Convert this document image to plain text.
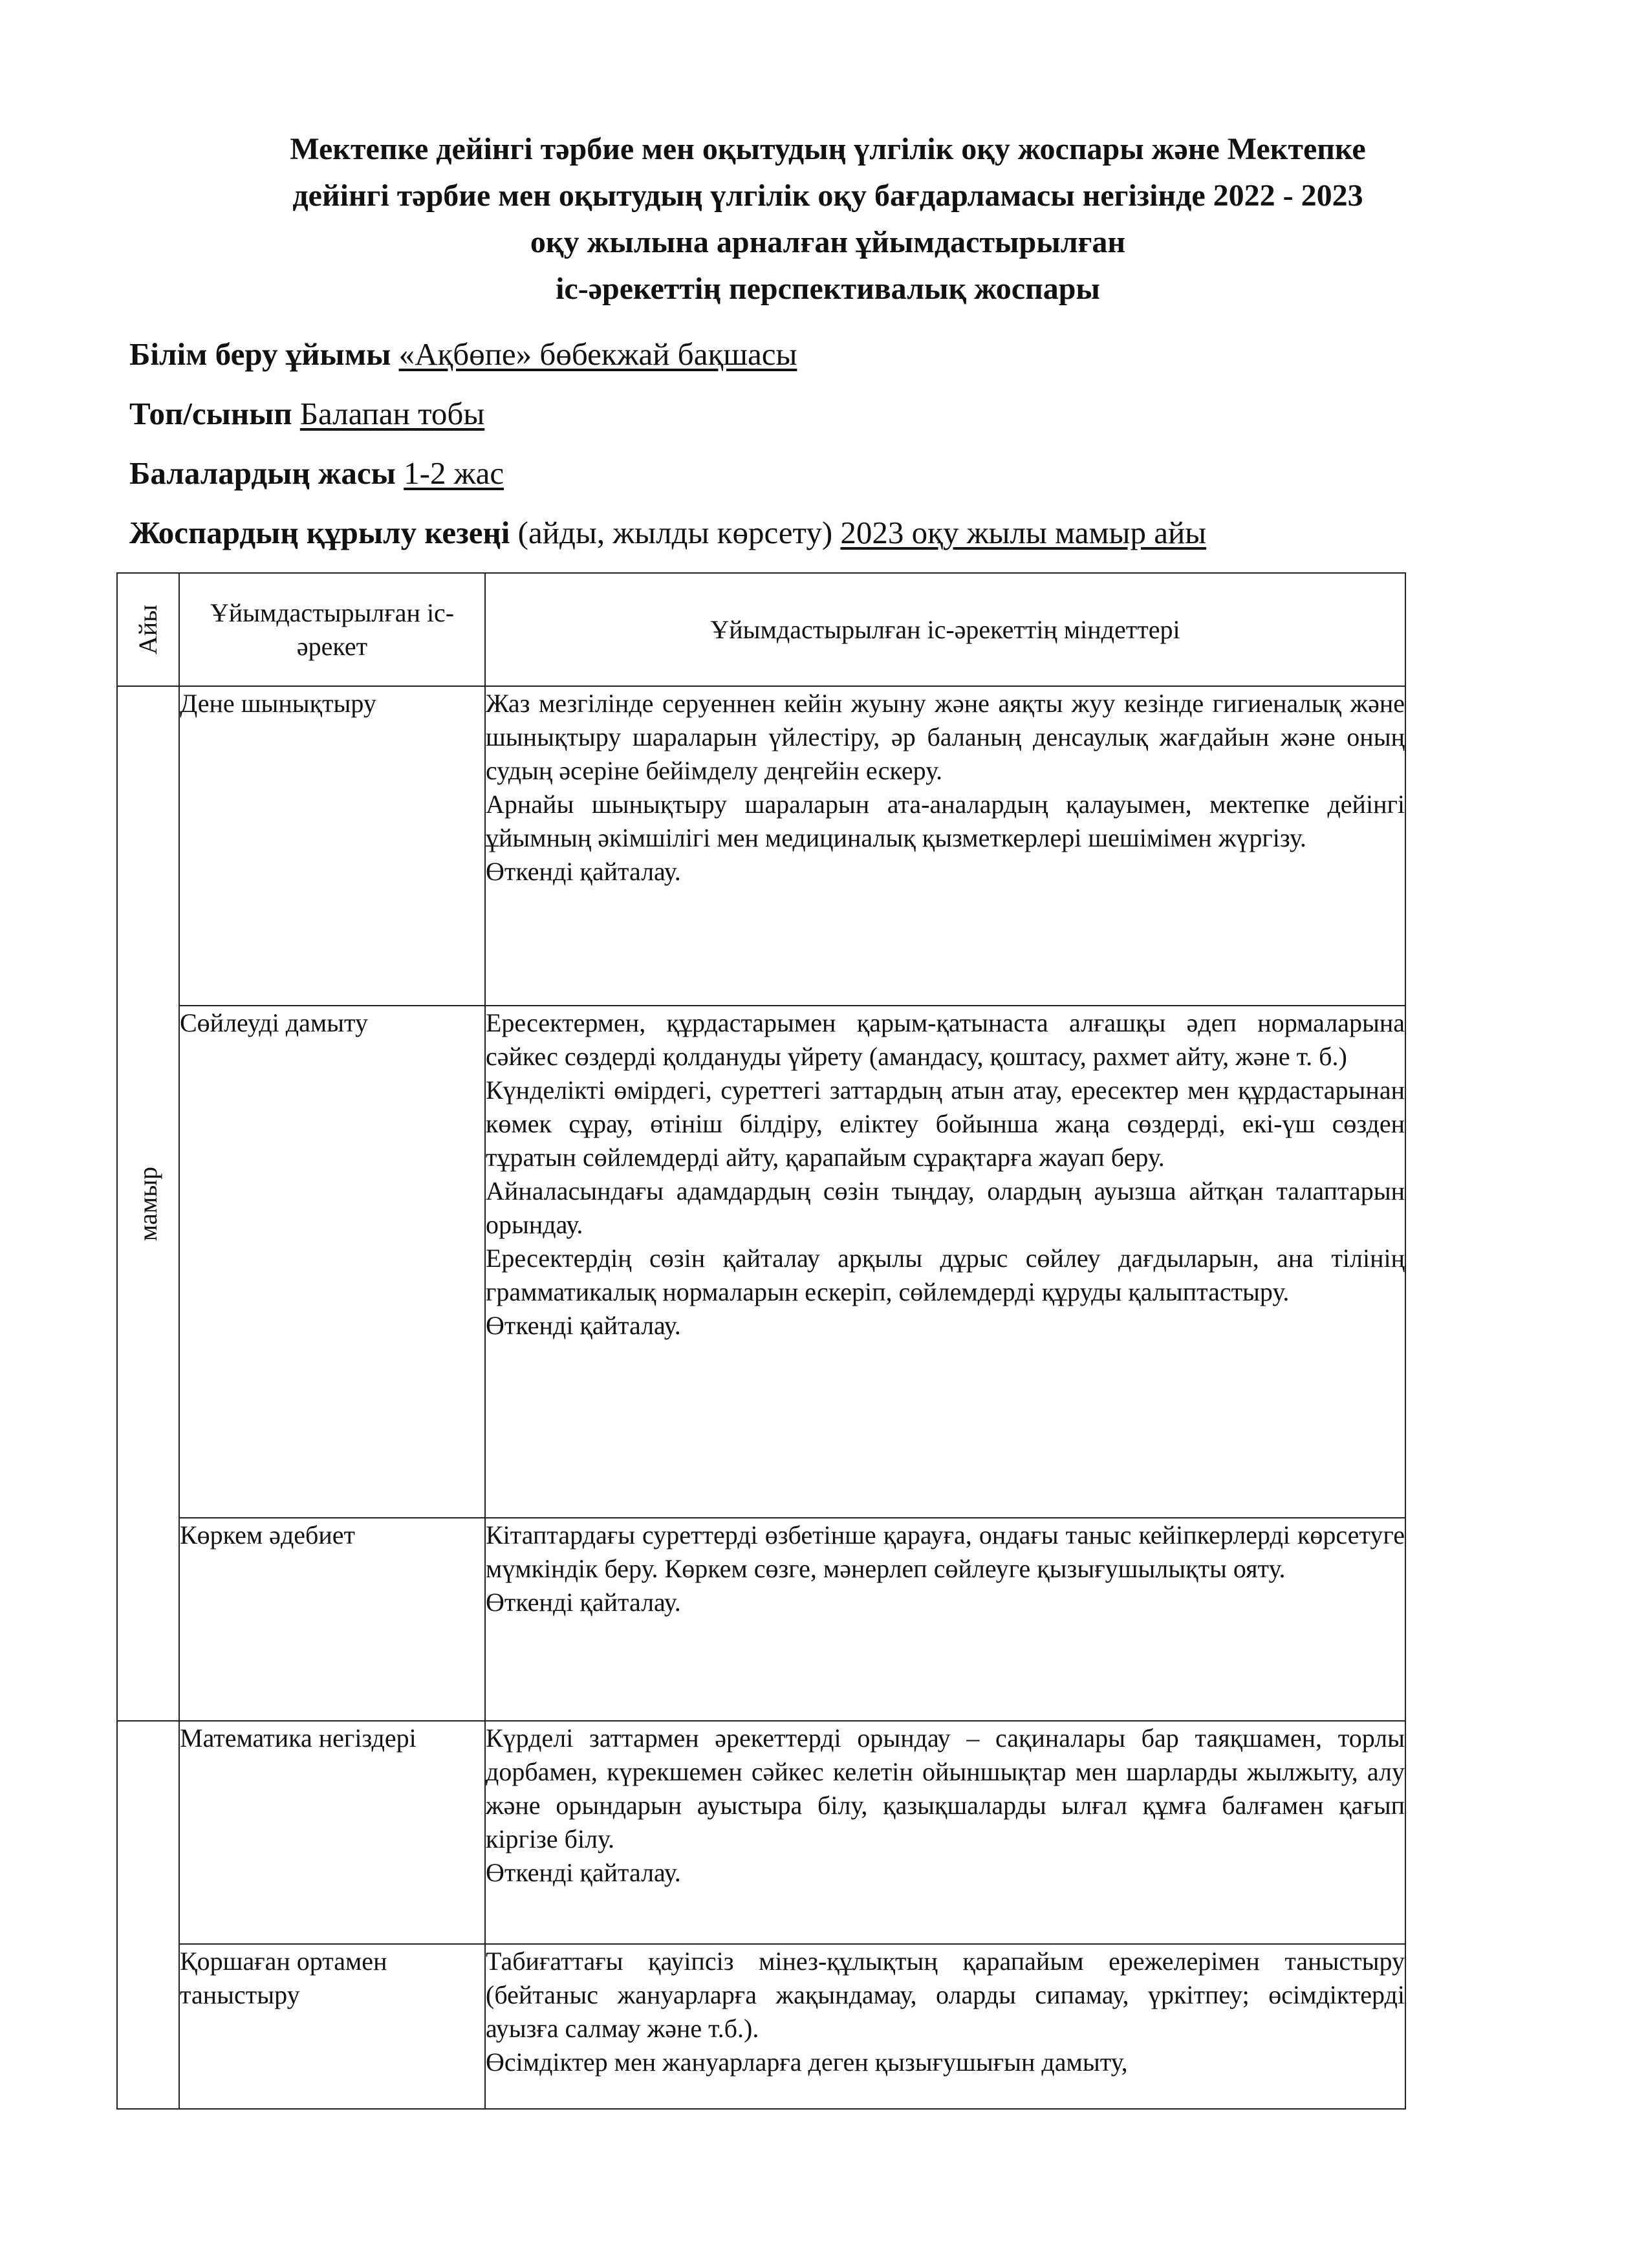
Мектепке дейінгі тәрбие мен оқытудың үлгілік оқу жоспары және Мектепке
дейінгі тәрбие мен оқытудың үлгілік оқу бағдарламасы негізінде 2022 - 2023
оқу жылына арналған ұйымдастырылған
іс-әрекеттің перспективалық жоспары
Білім беру ұйымы «Ақбөпе» бөбекжай бақшасы
Топ/сынып Балапан тобы
Балалардың жасы 1-2 жас
Жоспардың құрылу кезеңі (айды, жылды көрсету) 2023 оқу жылы мамыр айы
Айы	Ұйымдастырылған іс-әрекет	Ұйымдастырылған іс-әрекеттің міндеттері

мамыр	Дене шынықтыру	Жаз мезгілінде серуеннен кейін жуыну және аяқты жуу кезінде гигиеналық және шынықтыру шараларын үйлестіру, әр баланың денсаулық жағдайын және оның судың әсеріне бейімделу деңгейін ескеру.

Арнайы шынықтыру шараларын ата-аналардың қалауымен, мектепке дейінгі ұйымның әкімшілігі мен медициналық қызметкерлері шешімімен жүргізу.

Өткенді қайталау.

	Сөйлеуді дамыту	Ересектермен, құрдастарымен қарым-қатынаста алғашқы әдеп нормаларына сәйкес сөздерді қолдануды үйрету (амандасу, қоштасу, рахмет айту, және т. б.)

Күнделікті өмірдегі, суреттегі заттардың атын атау, ересектер мен құрдастарынан көмек сұрау, өтініш білдіру, еліктеу бойынша жаңа сөздерді, екі-үш сөзден тұратын сөйлемдерді айту, қарапайым сұрақтарға жауап беру.

Айналасындағы адамдардың сөзін тыңдау, олардың ауызша айтқан талаптарын орындау.

Ересектердің сөзін қайталау арқылы дұрыс сөйлеу дағдыларын, ана тілінің грамматикалық нормаларын ескеріп, сөйлемдерді құруды қалыптастыру.

Өткенді қайталау.

	Көркем әдебиет	Кітаптардағы суреттерді өзбетінше қарауға, ондағы таныс кейіпкерлерді көрсетуге мүмкіндік беру. Көркем сөзге, мәнерлеп сөйлеуге қызығушылықты ояту.

Өткенді қайталау.

	Математика негіздері	Күрделі заттармен әрекеттерді орындау – сақиналары бар таяқшамен, торлы дорбамен, күрекшемен сәйкес келетін ойыншықтар мен шарларды жылжыту, алу және орындарын ауыстыра білу, қазықшаларды ылғал құмға балғамен қағып кіргізе білу.

Өткенді қайталау.

	Қоршаған ортамен таныстыру	Табиғаттағы қауіпсіз мінез-құлықтың қарапайым ережелерімен таныстыру (бейтаныс жануарларға жақындамау, оларды сипамау, үркітпеу; өсімдіктерді ауызға салмау және т.б.).

Өсімдіктер мен жануарларға деген қызығушығын дамыту,
